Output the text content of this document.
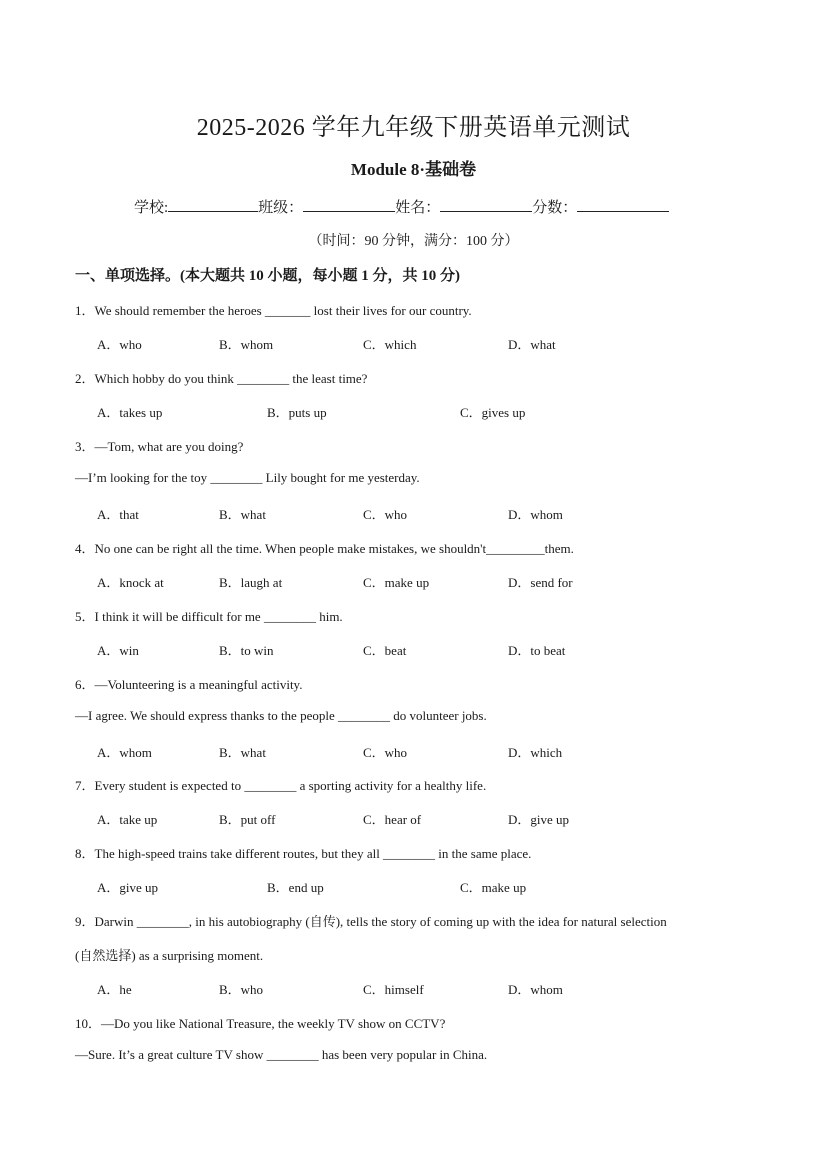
2025-2026 学年九年级下册英语单元测试
Module 8·基础卷
学校:	班级：	姓名：	分数：
（时间：90 分钟，满分：100 分）
一、单项选择。(本大题共 10 小题，每小题 1 分，共 10 分)
1．We should remember the heroes _______ lost their lives for our country.
A．who	B．whom	C．which	D．what
2．Which hobby do you think ________ the least time?
A．takes up	B．puts up	C．gives up
3．—Tom, what are you doing?
—I’m looking for the toy ________ Lily bought for me yesterday.
A．that	B．what	C．who	D．whom
4．No one can be right all the time. When people make mistakes, we shouldn't_________them.
A．knock at	B．laugh at	C．make up	D．send for
5．I think it will be difficult for me ________ him.
A．win	B．to win	C．beat	D．to beat
6．—Volunteering is a meaningful activity.
—I agree. We should express thanks to the people ________ do volunteer jobs.
A．whom	B．what	C．who	D．which
7．Every student is expected to ________ a sporting activity for a healthy life.
A．take up	B．put off	C．hear of	D．give up
8．The high-speed trains take different routes, but they all ________ in the same place.
A．give up	B．end up	C．make up
9．Darwin ________, in his autobiography (自传), tells the story of coming up with the idea for natural selection
(自然选择) as a surprising moment.
A．he	B．who	C．himself	D．whom
10．—Do you like National Treasure, the weekly TV show on CCTV?
—Sure. It’s a great culture TV show ________ has been very popular in China.
